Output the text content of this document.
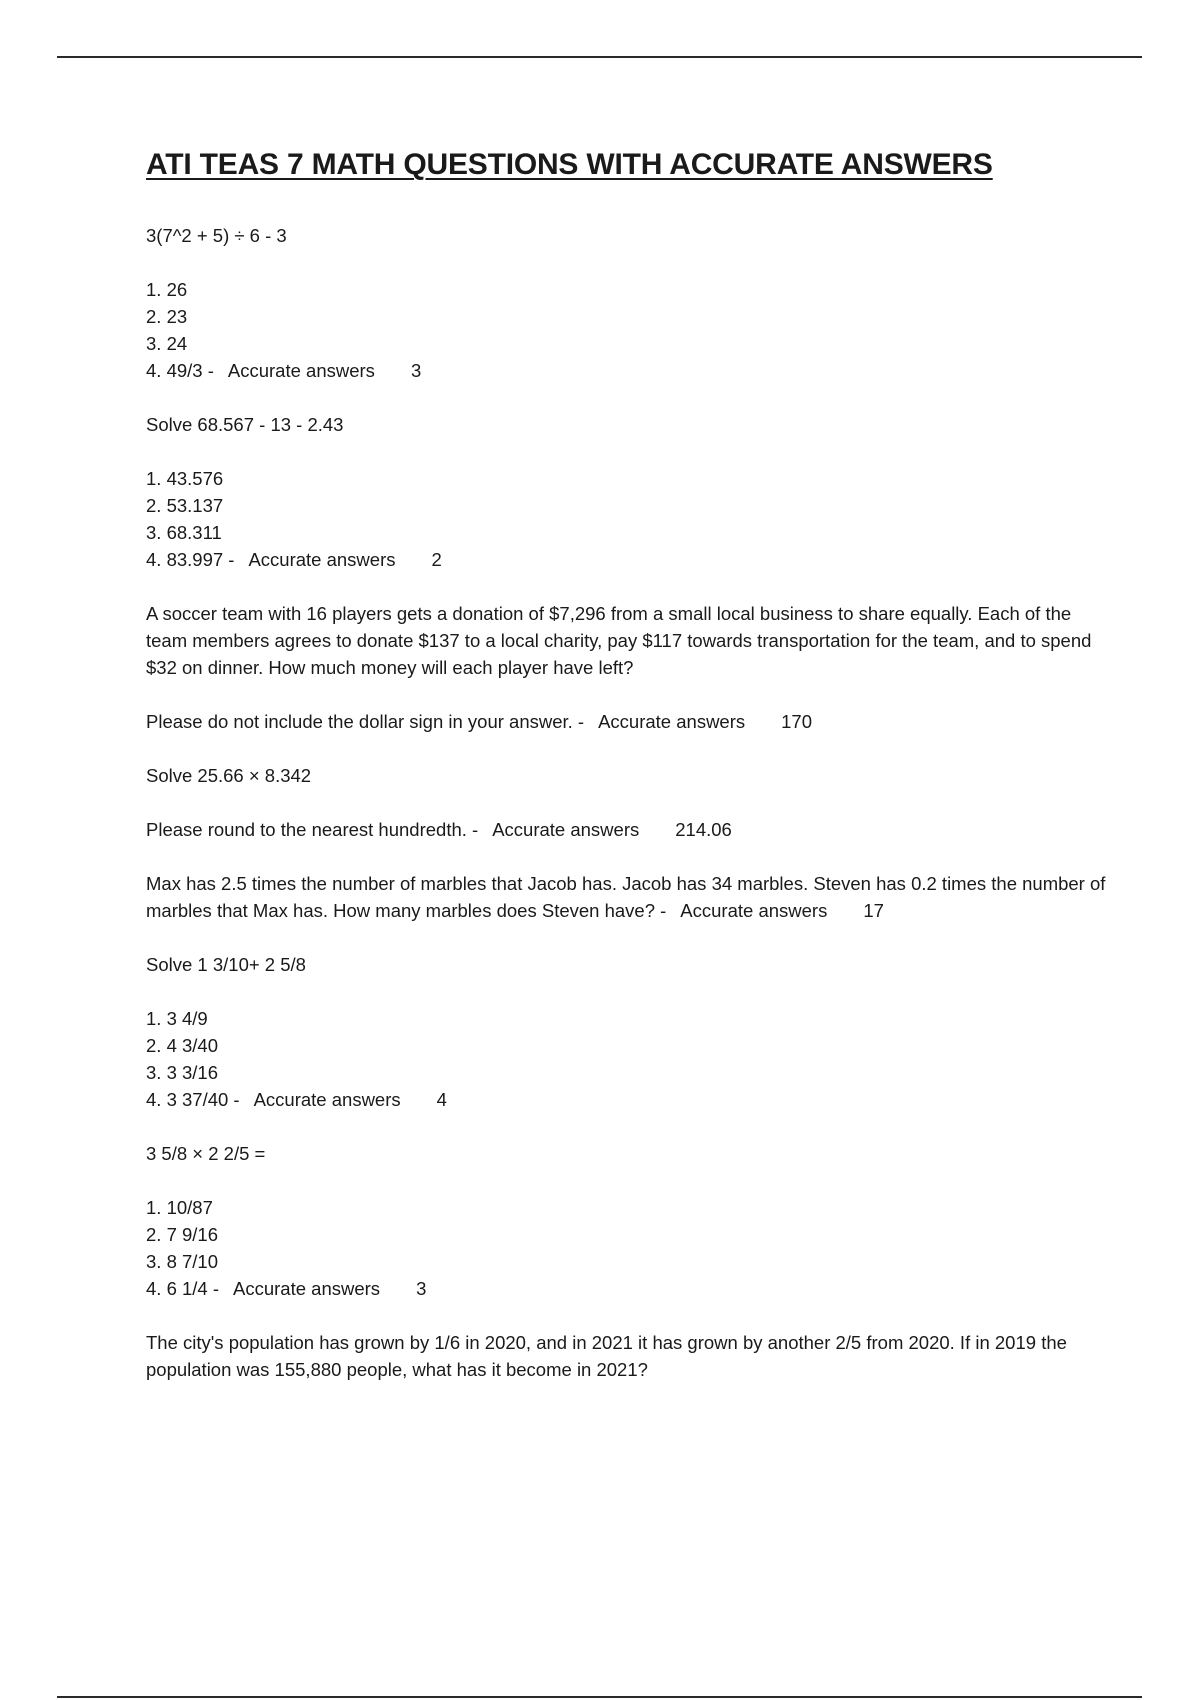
ATI TEAS 7 MATH QUESTIONS WITH ACCURATE ANSWERS
3(7^2 + 5) ÷ 6 - 3
1. 26
2. 23
3. 24
4. 49/3 - Accurate answers 3
Solve 68.567 - 13 - 2.43
1. 43.576
2. 53.137
3. 68.311
4. 83.997 - Accurate answers 2
A soccer team with 16 players gets a donation of $7,296 from a small local business to share equally. Each of the team members agrees to donate $137 to a local charity, pay $117 towards transportation for the team, and to spend $32 on dinner. How much money will each player have left?
Please do not include the dollar sign in your answer. - Accurate answers 170
Solve 25.66 × 8.342
Please round to the nearest hundredth. - Accurate answers 214.06
Max has 2.5 times the number of marbles that Jacob has. Jacob has 34 marbles. Steven has 0.2 times the number of marbles that Max has. How many marbles does Steven have? - Accurate answers 17
Solve 1 3/10+ 2 5/8
1. 3 4/9
2. 4 3/40
3. 3 3/16
4. 3 37/40 - Accurate answers 4
3 5/8 × 2 2/5 =
1. 10/87
2. 7 9/16
3. 8 7/10
4. 6 1/4 - Accurate answers 3
The city's population has grown by 1/6 in 2020, and in 2021 it has grown by another 2/5 from 2020. If in 2019 the population was 155,880 people, what has it become in 2021?
